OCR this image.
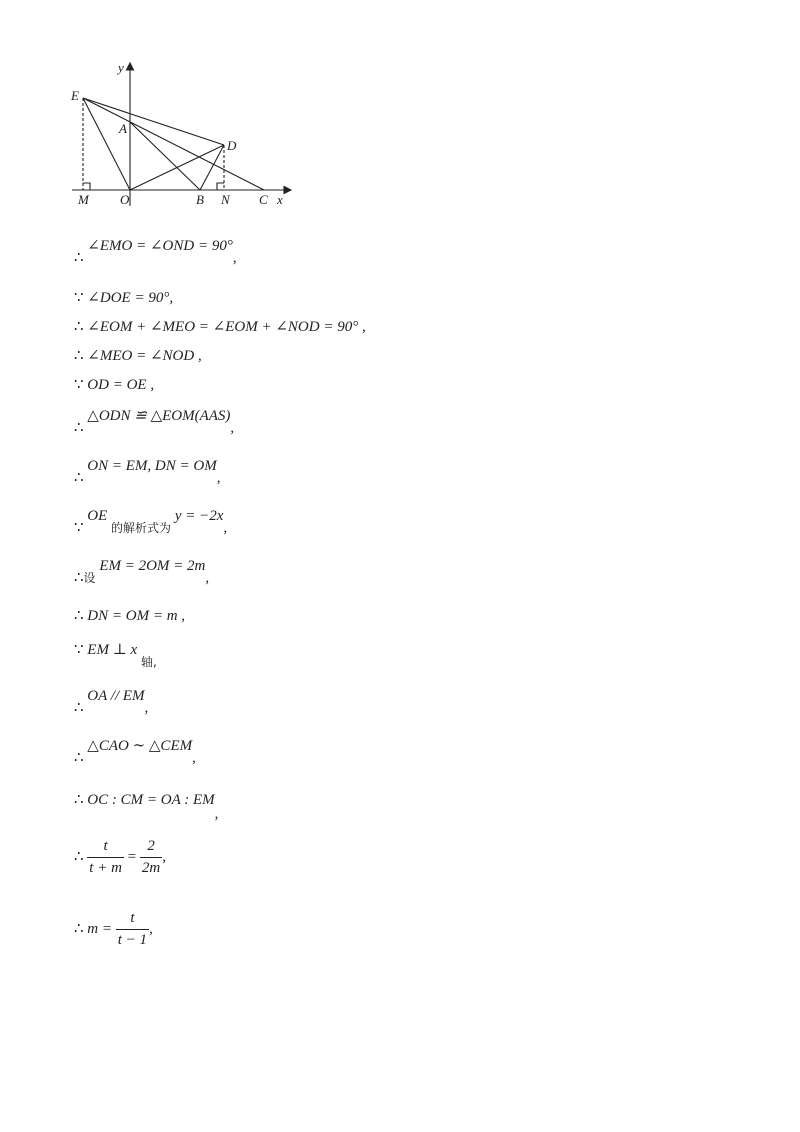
y
E
A
D
M O	B N C x
∴ ∠EMO = ∠OND = 90°,
∵ ∠DOE = 90°,
∴ ∠EOM + ∠MEO = ∠EOM + ∠NOD = 90° ,
∴ ∠MEO = ∠NOD ,
∵ OD = OE ,
∴ △ODN ≌ △EOM(AAS),
∴ ON = EM, DN = OM,
∵ OE 的解析式为 y = −2x,
∴设 EM = 2OM = 2m,
∴ DN = OM = m ,
∵ EM ⊥ x $_{轴,}$
∴ OA // EM,
∴ △CAO ∼ △CEM,
∴ OC : CM = OA : EM,
∴ $\frac{t}{t + m} = \frac{2}{2m}$ ,
∴ $m = \frac{t}{t - 1}$ ,
